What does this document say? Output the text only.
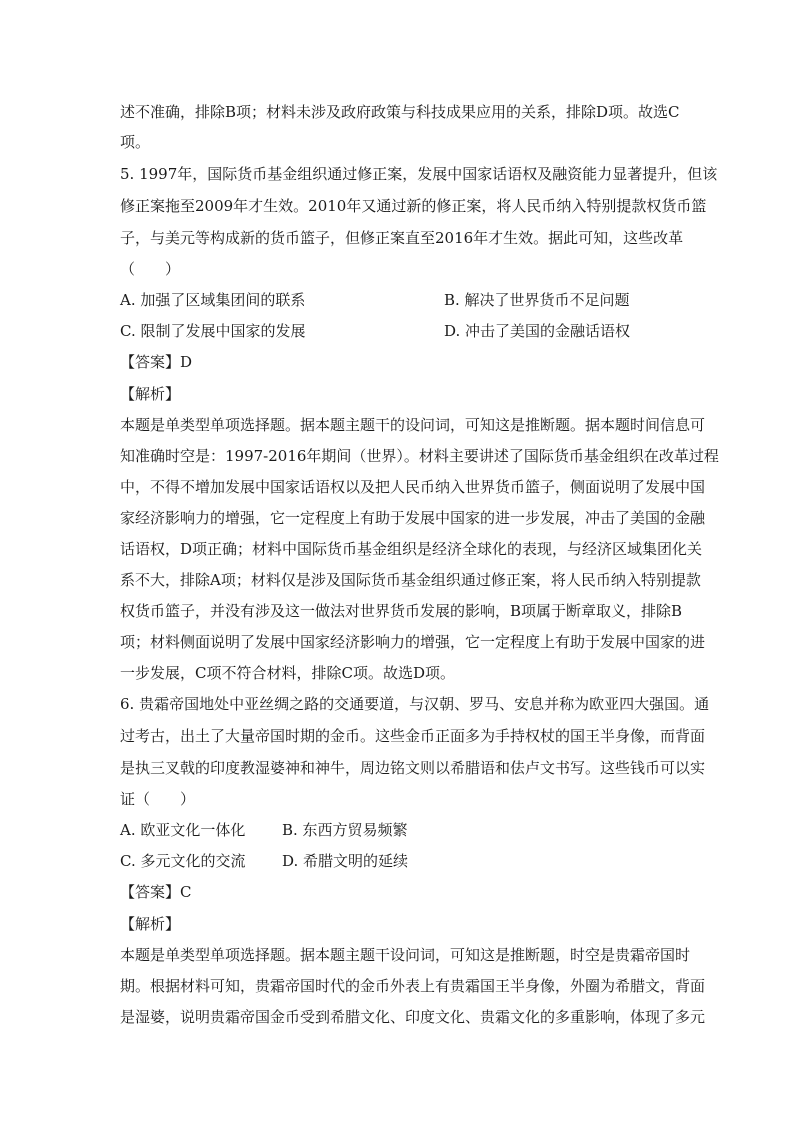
述不准确，排除B项；材料未涉及政府政策与科技成果应用的关系，排除D项。故选C
项。
5. 1997年，国际货币基金组织通过修正案，发展中国家话语权及融资能力显著提升，但该
修正案拖至2009年才生效。2010年又通过新的修正案，将人民币纳入特别提款权货币篮
子，与美元等构成新的货币篮子，但修正案直至2016年才生效。据此可知，这些改革
（　　）
A. 加强了区域集团间的联系	B. 解决了世界货币不足问题
C. 限制了发展中国家的发展	D. 冲击了美国的金融话语权
【答案】D
【解析】
本题是单类型单项选择题。据本题主题干的设问词，可知这是推断题。据本题时间信息可
知准确时空是：1997-2016年期间（世界）。材料主要讲述了国际货币基金组织在改革过程
中，不得不增加发展中国家话语权以及把人民币纳入世界货币篮子，侧面说明了发展中国
家经济影响力的增强，它一定程度上有助于发展中国家的进一步发展，冲击了美国的金融
话语权，D项正确；材料中国际货币基金组织是经济全球化的表现，与经济区域集团化关
系不大，排除A项；材料仅是涉及国际货币基金组织通过修正案，将人民币纳入特别提款
权货币篮子，并没有涉及这一做法对世界货币发展的影响，B项属于断章取义，排除B
项；材料侧面说明了发展中国家经济影响力的增强，它一定程度上有助于发展中国家的进
一步发展，C项不符合材料，排除C项。故选D项。
6. 贵霜帝国地处中亚丝绸之路的交通要道，与汉朝、罗马、安息并称为欧亚四大强国。通
过考古，出土了大量帝国时期的金币。这些金币正面多为手持权杖的国王半身像，而背面
是执三叉戟的印度教湿婆神和神牛，周边铭文则以希腊语和佉卢文书写。这些钱币可以实
证（　　）
A. 欧亚文化一体化 B. 东西方贸易频繁
C. 多元文化的交流 D. 希腊文明的延续
【答案】C
【解析】
本题是单类型单项选择题。据本题主题干设问词，可知这是推断题，时空是贵霜帝国时
期。根据材料可知，贵霜帝国时代的金币外表上有贵霜国王半身像，外圈为希腊文，背面
是湿婆，说明贵霜帝国金币受到希腊文化、印度文化、贵霜文化的多重影响，体现了多元
